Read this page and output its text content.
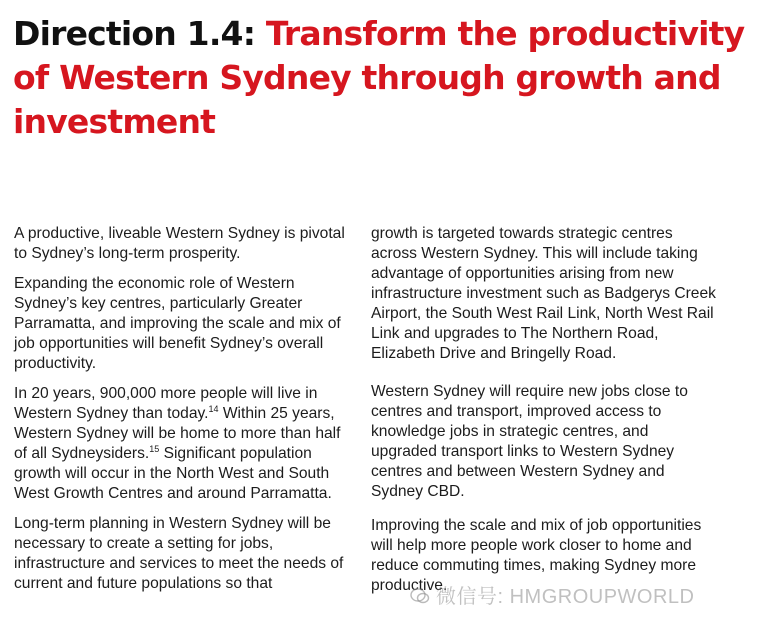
Direction 1.4: Transform the productivity of Western Sydney through growth and investment

A productive, liveable Western Sydney is pivotal to Sydney’s long-term prosperity.

Expanding the economic role of Western Sydney’s key centres, particularly Greater Parramatta, and improving the scale and mix of job opportunities will benefit Sydney’s overall productivity.

In 20 years, 900,000 more people will live in Western Sydney than today.$^{14}$ Within 25 years, Western Sydney will be home to more than half of all Sydneysiders.$^{15}$ Significant population growth will occur in the North West and South West Growth Centres and around Parramatta.

Long-term planning in Western Sydney will be necessary to create a setting for jobs, infrastructure and services to meet the needs of current and future populations so that

growth is targeted towards strategic centres across Western Sydney. This will include taking advantage of opportunities arising from new infrastructure investment such as Badgerys Creek Airport, the South West Rail Link, North West Rail Link and upgrades to The Northern Road, Elizabeth Drive and Bringelly Road.

Western Sydney will require new jobs close to centres and transport, improved access to knowledge jobs in strategic centres, and upgraded transport links to Western Sydney centres and between Western Sydney and Sydney CBD.

Improving the scale and mix of job opportunities will help more people work closer to home and reduce commuting times, making Sydney more productive.

微信号: HMGROUPWORLD
